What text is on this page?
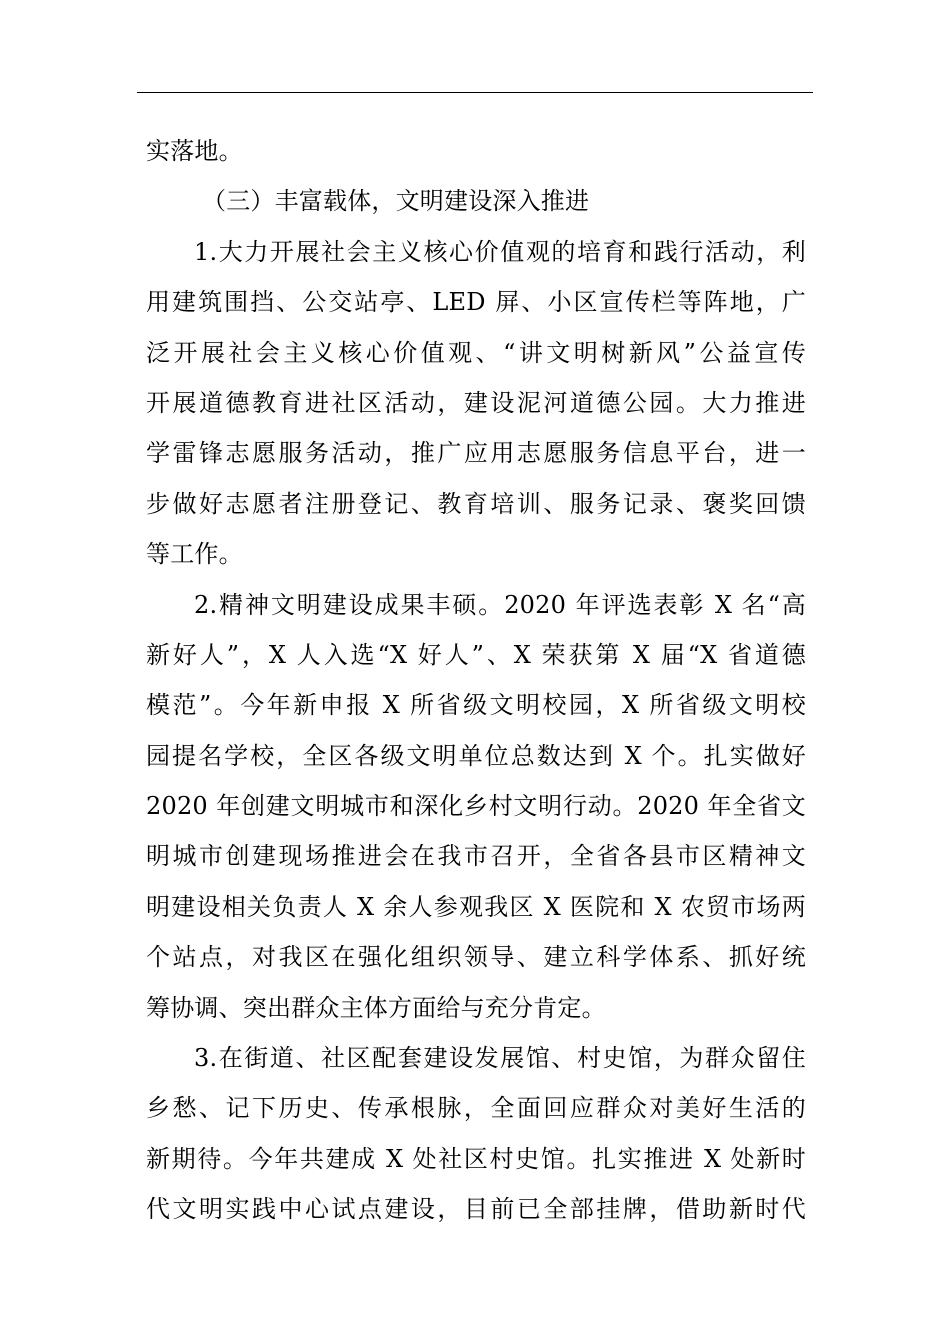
实落地。
（三）丰富载体，文明建设深入推进
1.大力开展社会主义核心价值观的培育和践行活动，利
用建筑围挡、公交站亭、LED 屏、小区宣传栏等阵地，广
泛开展社会主义核心价值观、“讲文明树新风”公益宣传
开展道德教育进社区活动，建设泥河道德公园。大力推进
学雷锋志愿服务活动，推广应用志愿服务信息平台，进一
步做好志愿者注册登记、教育培训、服务记录、褒奖回馈
等工作。
2.精神文明建设成果丰硕。2020 年评选表彰 X 名“高
新好人”，X 人入选“X 好人”、X 荣获第 X 届“X 省道德
模范”。今年新申报 X 所省级文明校园，X 所省级文明校
园提名学校，全区各级文明单位总数达到 X 个。扎实做好
2020 年创建文明城市和深化乡村文明行动。2020 年全省文
明城市创建现场推进会在我市召开，全省各县市区精神文
明建设相关负责人 X 余人参观我区 X 医院和 X 农贸市场两
个站点，对我区在强化组织领导、建立科学体系、抓好统
筹协调、突出群众主体方面给与充分肯定。
3.在街道、社区配套建设发展馆、村史馆，为群众留住
乡愁、记下历史、传承根脉，全面回应群众对美好生活的
新期待。今年共建成 X 处社区村史馆。扎实推进 X 处新时
代文明实践中心试点建设，目前已全部挂牌，借助新时代
